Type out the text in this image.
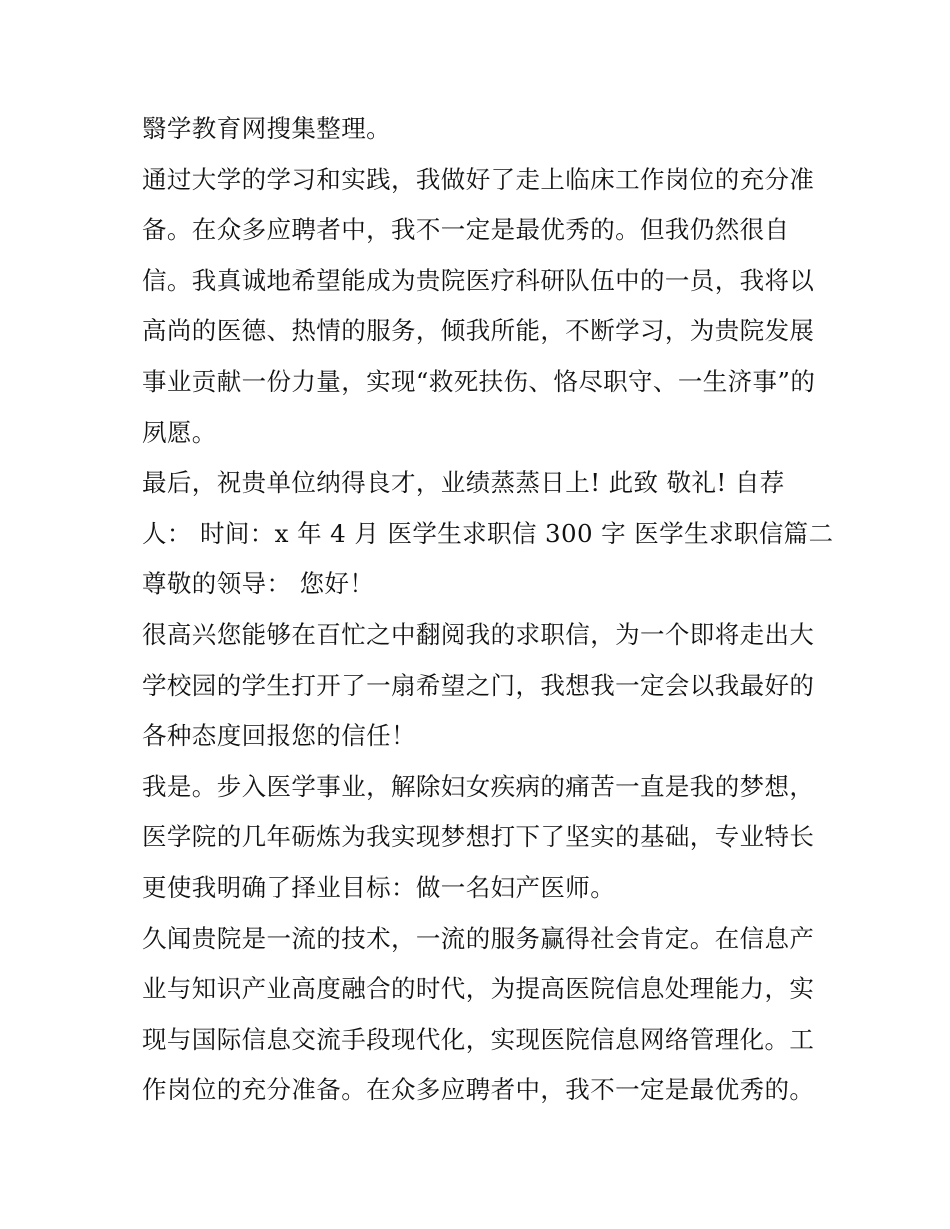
翳学教育网搜集整理。
通过大学的学习和实践，我做好了走上临床工作岗位的充分准
备。在众多应聘者中，我不一定是最优秀的。但我仍然很自
信。我真诚地希望能成为贵院医疗科研队伍中的一员，我将以
高尚的医德、热情的服务，倾我所能，不断学习，为贵院发展
事业贡献一份力量，实现“救死扶伤、恪尽职守、一生济事”的
夙愿。
最后，祝贵单位纳得良才，业绩蒸蒸日上! 此致 敬礼! 自荐
人： 时间：x 年 4 月 医学生求职信 300 字 医学生求职信篇二
尊敬的领导： 您好！
很高兴您能够在百忙之中翻阅我的求职信，为一个即将走出大
学校园的学生打开了一扇希望之门，我想我一定会以我最好的
各种态度回报您的信任！
我是。步入医学事业，解除妇女疾病的痛苦一直是我的梦想，
医学院的几年砺炼为我实现梦想打下了坚实的基础，专业特长
更使我明确了择业目标：做一名妇产医师。
久闻贵院是一流的技术，一流的服务赢得社会肯定。在信息产
业与知识产业高度融合的时代，为提高医院信息处理能力，实
现与国际信息交流手段现代化，实现医院信息网络管理化。工
作岗位的充分准备。在众多应聘者中，我不一定是最优秀的。
